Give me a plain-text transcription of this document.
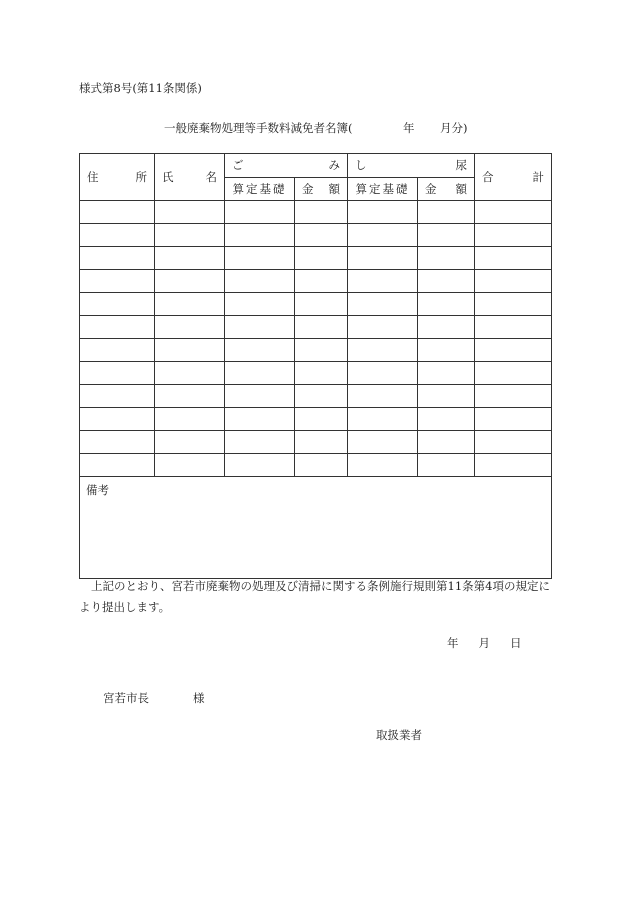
様式第8号(第11条関係)
一般廃棄物処理等手数料減免者名簿(	年 月分)
住 所	氏 名	ご み		し 尿		合 計

		算定基礎	金 額	算定基礎	金 額	

備考						
上記のとおり、宮若市廃棄物の処理及び清掃に関する条例施行規則第11条第4項の規定により提出します。
年 月 日
宮若市長	様
取扱業者
